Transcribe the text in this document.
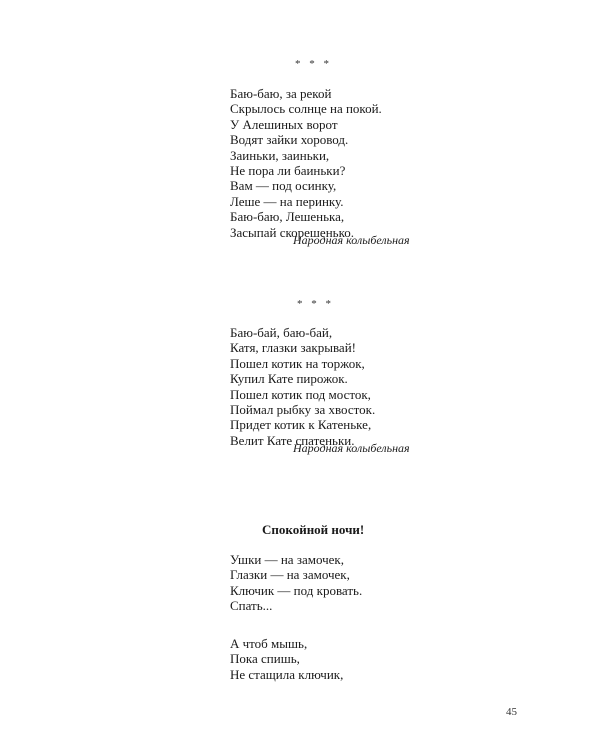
* * *
Баю-баю, за рекой
Скрылось солнце на покой.
У Алешиных ворот
Водят зайки хоровод.
Заиньки, заиньки,
Не пора ли баиньки?
Вам — под осинку,
Леше — на перинку.
Баю-баю, Лешенька,
Засыпай скорешенько.
Народная колыбельная
* * *
Баю-бай, баю-бай,
Катя, глазки закрывай!
Пошел котик на торжок,
Купил Кате пирожок.
Пошел котик под мосток,
Поймал рыбку за хвосток.
Придет котик к Катеньке,
Велит Кате спатеньки.
Народная колыбельная
Спокойной ночи!
Ушки — на замочек,
Глазки — на замочек,
Ключик — под кровать.
Спать...
А чтоб мышь,
Пока спишь,
Не стащила ключик,
45
